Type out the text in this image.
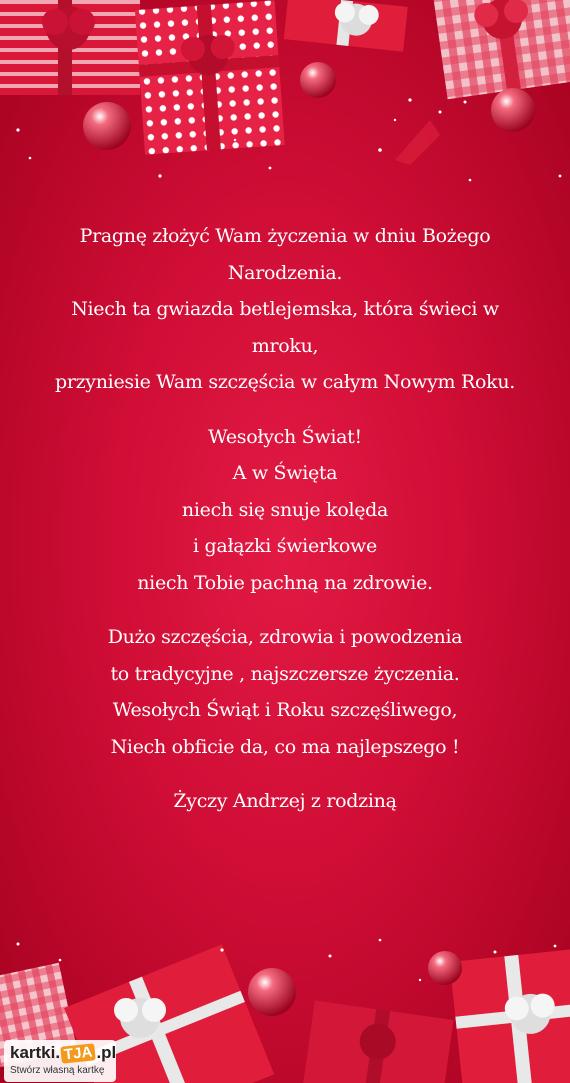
Pragnę złożyć Wam życzenia w dniu Bożego
Narodzenia.
Niech ta gwiazda betlejemska, która świeci w
mroku,
przyniesie Wam szczęścia w całym Nowym Roku.
Wesołych Świat!
A w Święta
niech się snuje kolęda
i gałązki świerkowe
niech Tobie pachną na zdrowie.
Dużo szczęścia, zdrowia i powodzenia
to tradycyjne , najszczersze życzenia.
Wesołych Świąt i Roku szczęśliwego,
Niech obficie da, co ma najlepszego !
Życzy Andrzej z rodziną
kartki. TJA .pl
Stwórz własną kartkę
